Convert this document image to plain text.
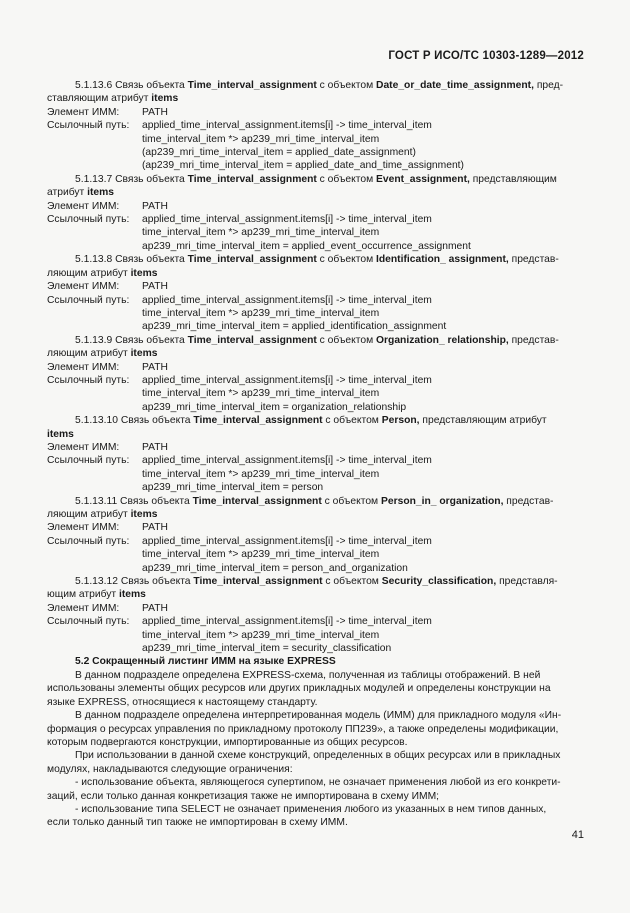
ГОСТ Р ИСО/ТС 10303-1289—2012
5.1.13.6 Связь объекта Time_interval_assignment с объектом Date_or_date_time_assignment, пред-
ставляющим атрибут items
Элемент ИММ:	PATH
Ссылочный путь:	applied_time_interval_assignment.items[i] -> time_interval_item
time_interval_item *> ap239_mri_time_interval_item
(ap239_mri_time_interval_item = applied_date_assignment)
(ap239_mri_time_interval_item = applied_date_and_time_assignment)
5.1.13.7 Связь объекта Time_interval_assignment с объектом Event_assignment, представляющим
атрибут items
Элемент ИММ:	PATH
Ссылочный путь:	applied_time_interval_assignment.items[i] -> time_interval_item
time_interval_item *> ap239_mri_time_interval_item
ap239_mri_time_interval_item = applied_event_occurrence_assignment
5.1.13.8 Связь объекта Time_interval_assignment с объектом Identification_ assignment, представ-
ляющим атрибут items
Элемент ИММ:	PATH
Ссылочный путь:	applied_time_interval_assignment.items[i] -> time_interval_item
time_interval_item *> ap239_mri_time_interval_item
ap239_mri_time_interval_item = applied_identification_assignment
5.1.13.9 Связь объекта Time_interval_assignment с объектом Organization_ relationship, представ-
ляющим атрибут items
Элемент ИММ:	PATH
Ссылочный путь:	applied_time_interval_assignment.items[i] -> time_interval_item
time_interval_item *> ap239_mri_time_interval_item
ap239_mri_time_interval_item = organization_relationship
5.1.13.10 Связь объекта Time_interval_assignment с объектом Person, представляющим атрибут
items
Элемент ИММ:	PATH
Ссылочный путь:	applied_time_interval_assignment.items[i] -> time_interval_item
time_interval_item *> ap239_mri_time_interval_item
ap239_mri_time_interval_item = person
5.1.13.11 Связь объекта Time_interval_assignment с объектом Person_in_ organization, представ-
ляющим атрибут items
Элемент ИММ:	PATH
Ссылочный путь:	applied_time_interval_assignment.items[i] -> time_interval_item
time_interval_item *> ap239_mri_time_interval_item
ap239_mri_time_interval_item = person_and_organization
5.1.13.12 Связь объекта Time_interval_assignment с объектом Security_classification, представля-
ющим атрибут items
Элемент ИММ:	PATH
Ссылочный путь:	applied_time_interval_assignment.items[i] -> time_interval_item
time_interval_item *> ap239_mri_time_interval_item
ap239_mri_time_interval_item = security_classification
5.2 Сокращенный листинг ИММ на языке EXPRESS
В данном подразделе определена EXPRESS-схема, полученная из таблицы отображений. В ней
использованы элементы общих ресурсов или других прикладных модулей и определены конструкции на
языке EXPRESS, относящиеся к настоящему стандарту.
В данном подразделе определена интерпретированная модель (ИММ) для прикладного модуля «Ин-
формация о ресурсах управления по прикладному протоколу ПП239», а также определены модификации,
которым подвергаются конструкции, импортированные из общих ресурсов.
При использовании в данной схеме конструкций, определенных в общих ресурсах или в прикладных
модулях, накладываются следующие ограничения:
- использование объекта, являющегося супертипом, не означает применения любой из его конкрети-
заций, если только данная конкретизация также не импортирована в схему ИММ;
- использование типа SELECT не означает применения любого из указанных в нем типов данных,
если только данный тип также не импортирован в схему ИММ.
41
